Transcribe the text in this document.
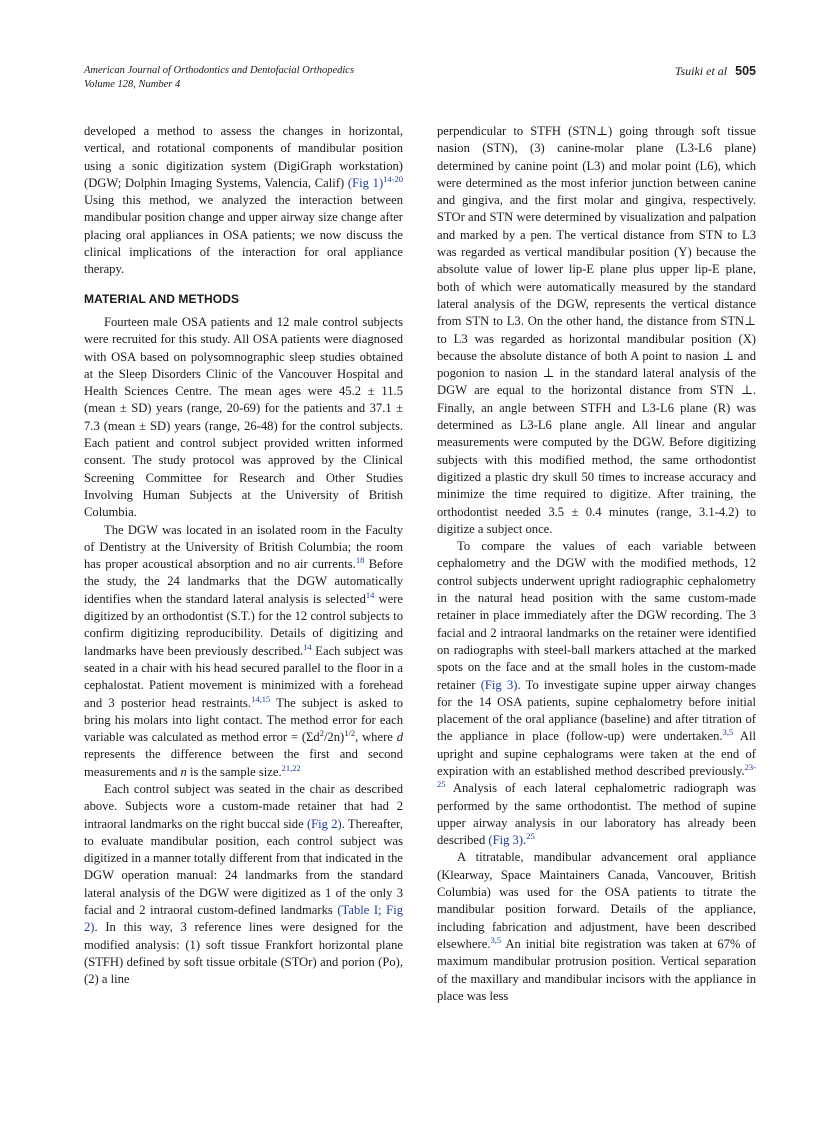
American Journal of Orthodontics and Dentofacial Orthopedics
Volume 128, Number 4
Tsuiki et al 505

developed a method to assess the changes in horizontal, vertical, and rotational components of mandibular position using a sonic digitization system (DigiGraph workstation) (DGW; Dolphin Imaging Systems, Valencia, Calif) (Fig 1)$^{14-20}$ Using this method, we analyzed the interaction between mandibular position change and upper airway size change after placing oral appliances in OSA patients; we now discuss the clinical implications of the interaction for oral appliance therapy.

MATERIAL AND METHODS

Fourteen male OSA patients and 12 male control subjects were recruited for this study. All OSA patients were diagnosed with OSA based on polysomnographic sleep studies obtained at the Sleep Disorders Clinic of the Vancouver Hospital and Health Sciences Centre. The mean ages were 45.2 ± 11.5 (mean ± SD) years (range, 20-69) for the patients and 37.1 ± 7.3 (mean ± SD) years (range, 26-48) for the control subjects. Each patient and control subject provided written informed consent. The study protocol was approved by the Clinical Screening Committee for Research and Other Studies Involving Human Subjects at the University of British Columbia.

The DGW was located in an isolated room in the Faculty of Dentistry at the University of British Columbia; the room has proper acoustical absorption and no air currents.$^{18}$ Before the study, the 24 landmarks that the DGW automatically identifies when the standard lateral analysis is selected$^{14}$ were digitized by an orthodontist (S.T.) for the 12 control subjects to confirm digitizing reproducibility. Details of digitizing and landmarks have been previously described.$^{14}$ Each subject was seated in a chair with his head secured parallel to the floor in a cephalostat. Patient movement is minimized with a forehead and 3 posterior head restraints.$^{14,15}$ The subject is asked to bring his molars into light contact. The method error for each variable was calculated as method error = $(\Sigma d^2/2n)^{1/2}$, where d represents the difference between the first and second measurements and n is the sample size.$^{21,22}$

Each control subject was seated in the chair as described above. Subjects wore a custom-made retainer that had 2 intraoral landmarks on the right buccal side (Fig 2). Thereafter, to evaluate mandibular position, each control subject was digitized in a manner totally different from that indicated in the DGW operation manual: 24 landmarks from the standard lateral analysis of the DGW were digitized as 1 of the only 3 facial and 2 intraoral custom-defined landmarks (Table I; Fig 2). In this way, 3 reference lines were designed for the modified analysis: (1) soft tissue Frankfort horizontal plane (STFH) defined by soft tissue orbitale (STOr) and porion (Po), (2) a line

perpendicular to STFH (STN⊥) going through soft tissue nasion (STN), (3) canine-molar plane (L3-L6 plane) determined by canine point (L3) and molar point (L6), which were determined as the most inferior junction between canine and gingiva, and the first molar and gingiva, respectively. STOr and STN were determined by visualization and palpation and marked by a pen. The vertical distance from STN to L3 was regarded as vertical mandibular position (Y) because the absolute value of lower lip-E plane plus upper lip-E plane, both of which were automatically measured by the standard lateral analysis of the DGW, represents the vertical distance from STN to L3. On the other hand, the distance from STN⊥ to L3 was regarded as horizontal mandibular position (X) because the absolute distance of both A point to nasion ⊥ and pogonion to nasion ⊥ in the standard lateral analysis of the DGW are equal to the horizontal distance from STN ⊥. Finally, an angle between STFH and L3-L6 plane (R) was determined as L3-L6 plane angle. All linear and angular measurements were computed by the DGW. Before digitizing subjects with this modified method, the same orthodontist digitized a plastic dry skull 50 times to increase accuracy and minimize the time required to digitize. After training, the orthodontist needed 3.5 ± 0.4 minutes (range, 3.1-4.2) to digitize a subject once.

To compare the values of each variable between cephalometry and the DGW with the modified methods, 12 control subjects underwent upright radiographic cephalometry in the natural head position with the same custom-made retainer in place immediately after the DGW recording. The 3 facial and 2 intraoral landmarks on the retainer were identified on radiographs with steel-ball markers attached at the marked spots on the face and at the small holes in the custom-made retainer (Fig 3). To investigate supine upper airway changes for the 14 OSA patients, supine cephalometry before initial placement of the oral appliance (baseline) and after titration of the appliance in place (follow-up) were undertaken.$^{3,5}$ All upright and supine cephalograms were taken at the end of expiration with an established method described previously.$^{23-25}$ Analysis of each lateral cephalometric radiograph was performed by the same orthodontist. The method of supine upper airway analysis in our laboratory has already been described (Fig 3).$^{25}$

A titratable, mandibular advancement oral appliance (Klearway, Space Maintainers Canada, Vancouver, British Columbia) was used for the OSA patients to titrate the mandibular position forward. Details of the appliance, including fabrication and adjustment, have been described elsewhere.$^{3,5}$ An initial bite registration was taken at 67% of maximum mandibular protrusion position. Vertical separation of the maxillary and mandibular incisors with the appliance in place was less
